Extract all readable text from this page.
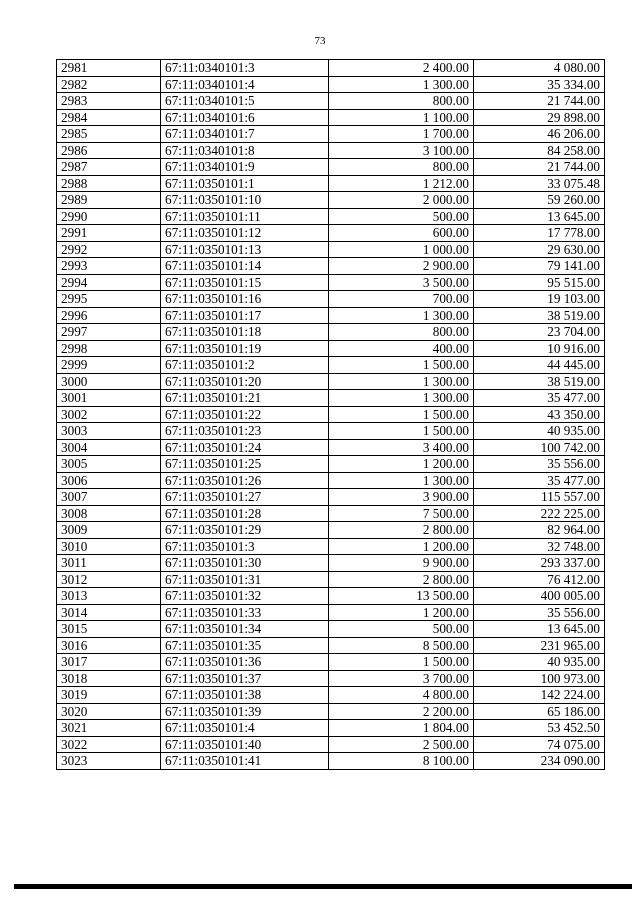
73
2981	67:11:0340101:3	2 400.00	4 080.00
2982	67:11:0340101:4	1 300.00	35 334.00
2983	67:11:0340101:5	800.00	21 744.00
2984	67:11:0340101:6	1 100.00	29 898.00
2985	67:11:0340101:7	1 700.00	46 206.00
2986	67:11:0340101:8	3 100.00	84 258.00
2987	67:11:0340101:9	800.00	21 744.00
2988	67:11:0350101:1	1 212.00	33 075.48
2989	67:11:0350101:10	2 000.00	59 260.00
2990	67:11:0350101:11	500.00	13 645.00
2991	67:11:0350101:12	600.00	17 778.00
2992	67:11:0350101:13	1 000.00	29 630.00
2993	67:11:0350101:14	2 900.00	79 141.00
2994	67:11:0350101:15	3 500.00	95 515.00
2995	67:11:0350101:16	700.00	19 103.00
2996	67:11:0350101:17	1 300.00	38 519.00
2997	67:11:0350101:18	800.00	23 704.00
2998	67:11:0350101:19	400.00	10 916.00
2999	67:11:0350101:2	1 500.00	44 445.00
3000	67:11:0350101:20	1 300.00	38 519.00
3001	67:11:0350101:21	1 300.00	35 477.00
3002	67:11:0350101:22	1 500.00	43 350.00
3003	67:11:0350101:23	1 500.00	40 935.00
3004	67:11:0350101:24	3 400.00	100 742.00
3005	67:11:0350101:25	1 200.00	35 556.00
3006	67:11:0350101:26	1 300.00	35 477.00
3007	67:11:0350101:27	3 900.00	115 557.00
3008	67:11:0350101:28	7 500.00	222 225.00
3009	67:11:0350101:29	2 800.00	82 964.00
3010	67:11:0350101:3	1 200.00	32 748.00
3011	67:11:0350101:30	9 900.00	293 337.00
3012	67:11:0350101:31	2 800.00	76 412.00
3013	67:11:0350101:32	13 500.00	400 005.00
3014	67:11:0350101:33	1 200.00	35 556.00
3015	67:11:0350101:34	500.00	13 645.00
3016	67:11:0350101:35	8 500.00	231 965.00
3017	67:11:0350101:36	1 500.00	40 935.00
3018	67:11:0350101:37	3 700.00	100 973.00
3019	67:11:0350101:38	4 800.00	142 224.00
3020	67:11:0350101:39	2 200.00	65 186.00
3021	67:11:0350101:4	1 804.00	53 452.50
3022	67:11:0350101:40	2 500.00	74 075.00
3023	67:11:0350101:41	8 100.00	234 090.00
